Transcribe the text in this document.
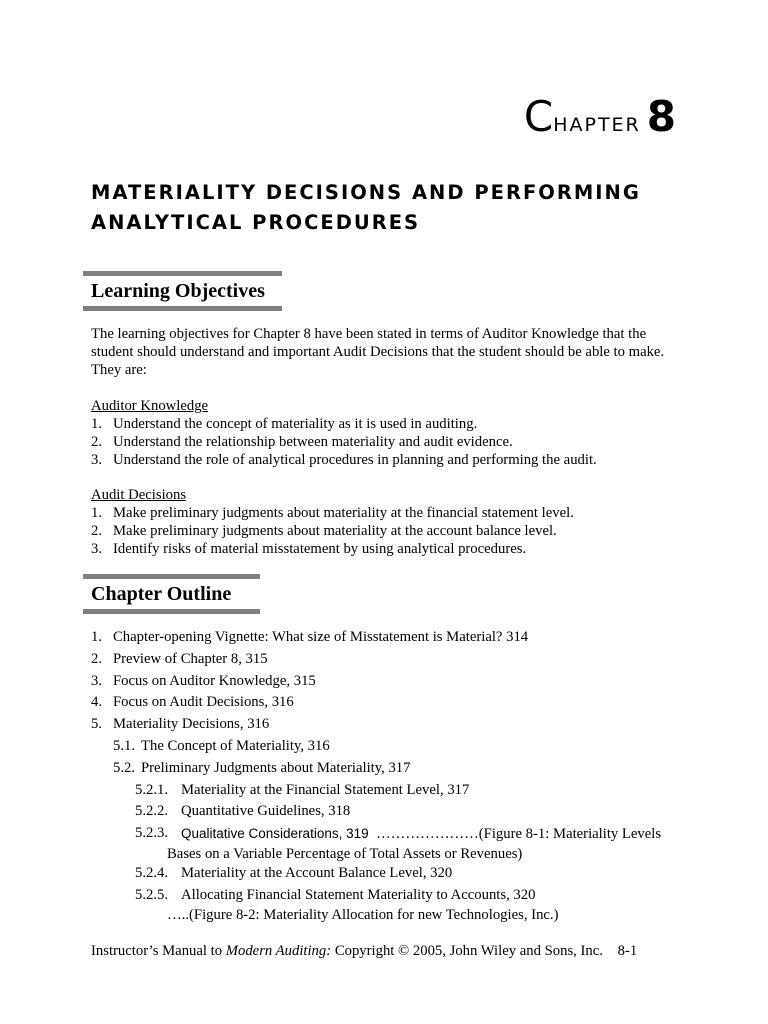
CHAPTER 8
MATERIALITY DECISIONS AND PERFORMING
ANALYTICAL PROCEDURES
Learning Objectives
The learning objectives for Chapter 8 have been stated in terms of Auditor Knowledge that the student should understand and important Audit Decisions that the student should be able to make. They are:
Auditor Knowledge
1. Understand the concept of materiality as it is used in auditing.
2. Understand the relationship between materiality and audit evidence.
3. Understand the role of analytical procedures in planning and performing the audit.
Audit Decisions
1. Make preliminary judgments about materiality at the financial statement level.
2. Make preliminary judgments about materiality at the account balance level.
3. Identify risks of material misstatement by using analytical procedures.
Chapter Outline
1. Chapter-opening Vignette: What size of Misstatement is Material? 314
2. Preview of Chapter 8, 315
3. Focus on Auditor Knowledge, 315
4. Focus on Audit Decisions, 316
5. Materiality Decisions, 316
5.1. The Concept of Materiality, 316
5.2. Preliminary Judgments about Materiality, 317
5.2.1. Materiality at the Financial Statement Level, 317
5.2.2. Quantitative Guidelines, 318
5.2.3. Qualitative Considerations, 319 …………………(Figure 8-1: Materiality Levels
Bases on a Variable Percentage of Total Assets or Revenues)
5.2.4. Materiality at the Account Balance Level, 320
5.2.5. Allocating Financial Statement Materiality to Accounts, 320
…..(Figure 8-2: Materiality Allocation for new Technologies, Inc.)
Instructor’s Manual to Modern Auditing: Copyright © 2005, John Wiley and Sons, Inc. 8-1
